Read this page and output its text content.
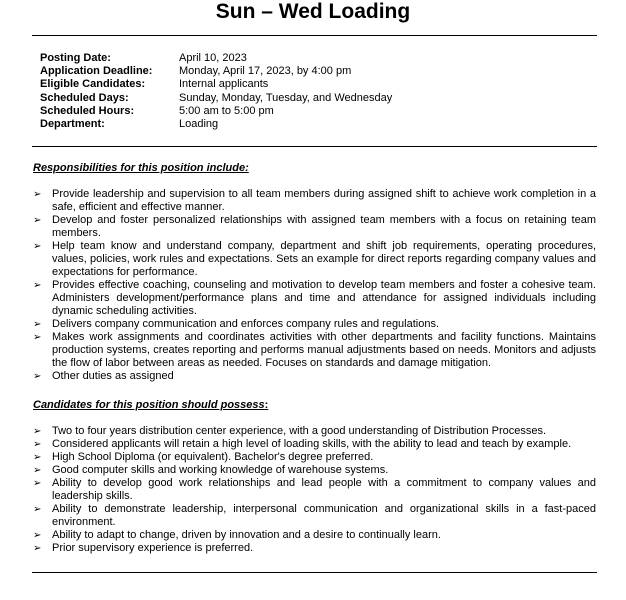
Sun – Wed Loading
Posting Date:	April 10, 2023
Application Deadline:	Monday, April 17, 2023, by 4:00 pm
Eligible Candidates:	Internal applicants
Scheduled Days:	Sunday, Monday, Tuesday, and Wednesday
Scheduled Hours:	5:00 am to 5:00 pm
Department:	Loading
Responsibilities for this position include:
➢ Provide leadership and supervision to all team members during assigned shift to achieve work completion in a safe, efficient and effective manner.
➢ Develop and foster personalized relationships with assigned team members with a focus on retaining team members.
➢ Help team know and understand company, department and shift job requirements, operating procedures, values, policies, work rules and expectations. Sets an example for direct reports regarding company values and expectations for performance.
➢ Provides effective coaching, counseling and motivation to develop team members and foster a cohesive team. Administers development/performance plans and time and attendance for assigned individuals including dynamic scheduling activities.
➢ Delivers company communication and enforces company rules and regulations.
➢ Makes work assignments and coordinates activities with other departments and facility functions. Maintains production systems, creates reporting and performs manual adjustments based on needs. Monitors and adjusts the flow of labor between areas as needed. Focuses on standards and damage mitigation.
➢ Other duties as assigned
Candidates for this position should possess:
➢ Two to four years distribution center experience, with a good understanding of Distribution Processes.
➢ Considered applicants will retain a high level of loading skills, with the ability to lead and teach by example.
➢ High School Diploma (or equivalent). Bachelor's degree preferred.
➢ Good computer skills and working knowledge of warehouse systems.
➢ Ability to develop good work relationships and lead people with a commitment to company values and leadership skills.
➢ Ability to demonstrate leadership, interpersonal communication and organizational skills in a fast-paced environment.
➢ Ability to adapt to change, driven by innovation and a desire to continually learn.
➢ Prior supervisory experience is preferred.
